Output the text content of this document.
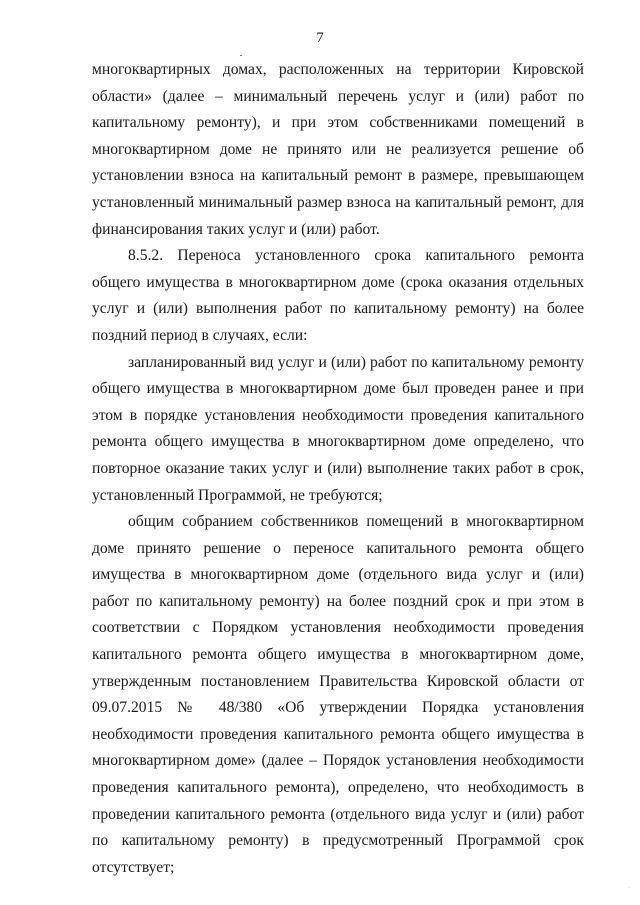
7

многоквартирных домах, расположенных на территории Кировской области» (далее – минимальный перечень услуг и (или) работ по капитальному ремонту), и при этом собственниками помещений в многоквартирном доме не принято или не реализуется решение об установлении взноса на капитальный ремонт в размере, превышающем установленный минимальный размер взноса на капитальный ремонт, для финансирования таких услуг и (или) работ.

8.5.2. Переноса установленного срока капитального ремонта общего имущества в многоквартирном доме (срока оказания отдельных услуг и (или) выполнения работ по капитальному ремонту) на более поздний период в случаях, если:

запланированный вид услуг и (или) работ по капитальному ремонту общего имущества в многоквартирном доме был проведен ранее и при этом в порядке установления необходимости проведения капитального ремонта общего имущества в многоквартирном доме определено, что повторное оказание таких услуг и (или) выполнение таких работ в срок, установленный Программой, не требуются;

общим собранием собственников помещений в многоквартирном доме принято решение о переносе капитального ремонта общего имущества в многоквартирном доме (отдельного вида услуг и (или) работ по капитальному ремонту) на более поздний срок и при этом в соответствии с Порядком установления необходимости проведения капитального ремонта общего имущества в многоквартирном доме, утвержденным постановлением Правительства Кировской области от 09.07.2015 № 48/380 «Об утверждении Порядка установления необходимости проведения капитального ремонта общего имущества в многоквартирном доме» (далее – Порядок установления необходимости проведения капитального ремонта), определено, что необходимость в проведении капитального ремонта (отдельного вида услуг и (или) работ по капитальному ремонту) в предусмотренный Программой срок отсутствует;

·
